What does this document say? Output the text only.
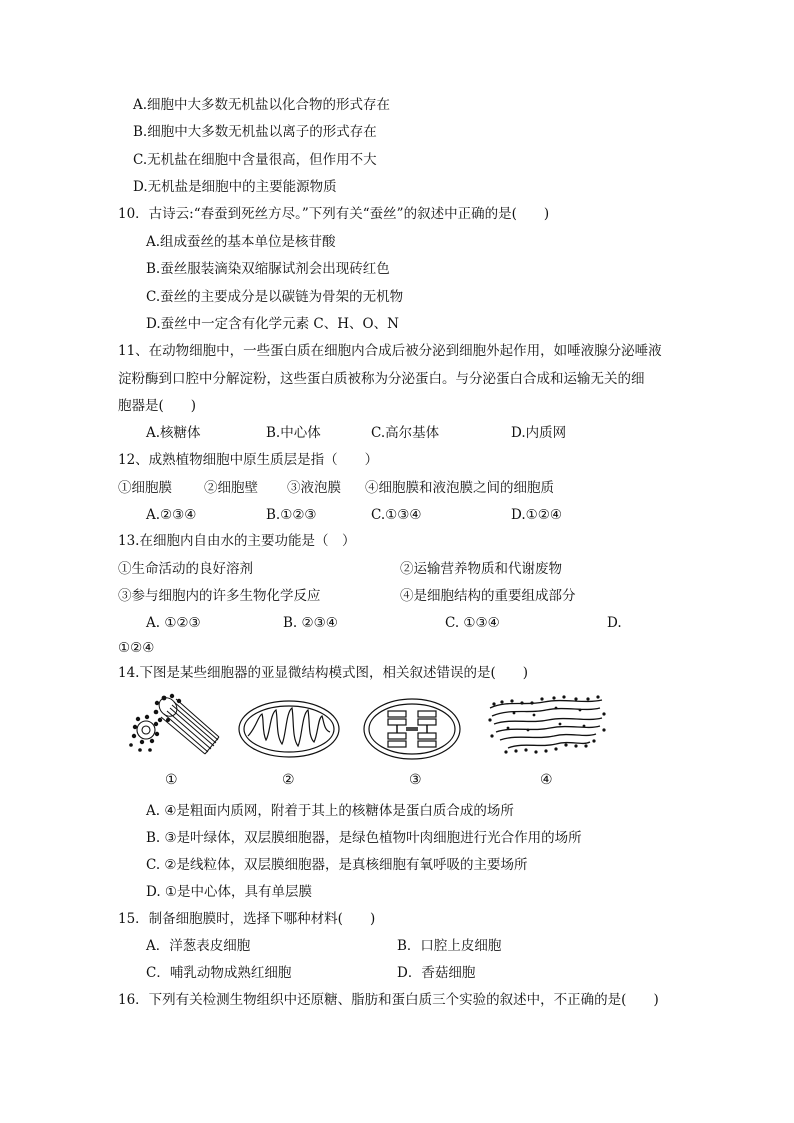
A.细胞中大多数无机盐以化合物的形式存在
B.细胞中大多数无机盐以离子的形式存在
C.无机盐在细胞中含量很高，但作用不大
D.无机盐是细胞中的主要能源物质
10．古诗云:“春蚕到死丝方尽。”下列有关“蚕丝”的叙述中正确的是(　　)
A.组成蚕丝的基本单位是核苷酸
B.蚕丝服装滴染双缩脲试剂会出现砖红色
C.蚕丝的主要成分是以碳链为骨架的无机物
D.蚕丝中一定含有化学元素 C、H、O、N
11、在动物细胞中，一些蛋白质在细胞内合成后被分泌到细胞外起作用，如唾液腺分泌唾液
淀粉酶到口腔中分解淀粉，这些蛋白质被称为分泌蛋白。与分泌蛋白合成和运输无关的细
胞器是(　　)
A.核糖体	B.中心体	C.高尔基体	D.内质网
12、成熟植物细胞中原生质层是指（　　）
①细胞膜 ②细胞壁 ③液泡膜 ④细胞膜和液泡膜之间的细胞质
A.②③④	B.①②③	C.①③④	D.①②④
13.在细胞内自由水的主要功能是（　）
①生命活动的良好溶剂	②运输营养物质和代谢废物
③参与细胞内的许多生物化学反应	④是细胞结构的重要组成部分
A. ①②③	B. ②③④	C. ①③④	D.
①②④
14.下图是某些细胞器的亚显微结构模式图，相关叙述错误的是(　　)
①	②	③	④
A. ④是粗面内质网，附着于其上的核糖体是蛋白质合成的场所
B. ③是叶绿体，双层膜细胞器，是绿色植物叶肉细胞进行光合作用的场所
C. ②是线粒体，双层膜细胞器，是真核细胞有氧呼吸的主要场所
D. ①是中心体，具有单层膜
15．制备细胞膜时，选择下哪种材料(　　)
A．洋葱表皮细胞	B．口腔上皮细胞
C．哺乳动物成熟红细胞	D．香菇细胞
16．下列有关检测生物组织中还原糖、脂肪和蛋白质三个实验的叙述中，不正确的是(　　)
